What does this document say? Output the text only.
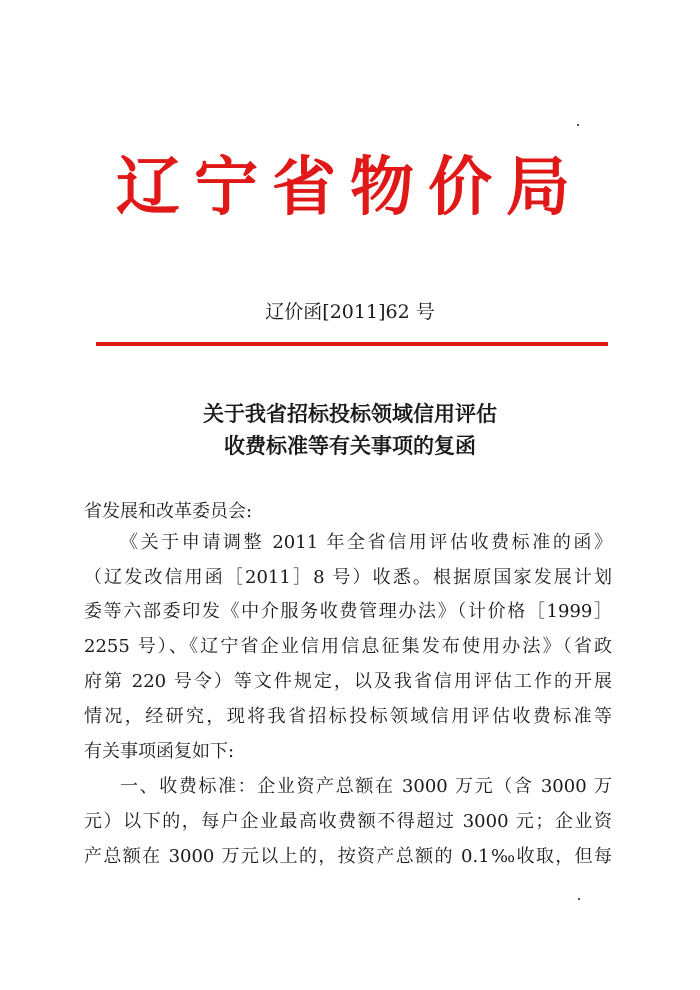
辽宁省物价局
辽价函[2011]62 号
关于我省招标投标领域信用评估
收费标准等有关事项的复函
省发展和改革委员会:
《关于申请调整 2011 年全省信用评估收费标准的函》
（辽发改信用函［2011］8 号）收悉。根据原国家发展计划
委等六部委印发《中介服务收费管理办法》（计价格［1999］
2255 号）、《辽宁省企业信用信息征集发布使用办法》（省政
府第 220 号令）等文件规定，以及我省信用评估工作的开展
情况，经研究，现将我省招标投标领域信用评估收费标准等
有关事项函复如下:
一、收费标准：企业资产总额在 3000 万元（含 3000 万
元）以下的，每户企业最高收费额不得超过 3000 元；企业资
产总额在 3000 万元以上的，按资产总额的 0.1‰收取，但每
